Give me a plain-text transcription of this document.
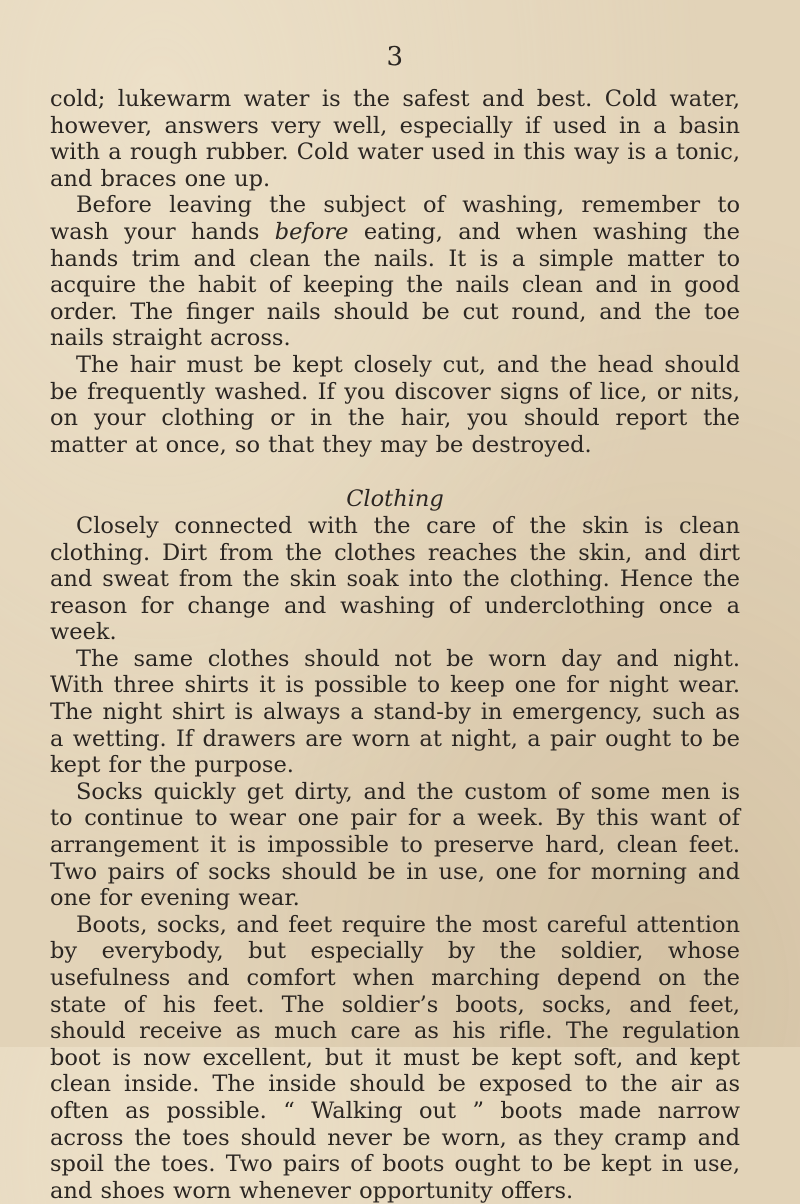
3

cold; lukewarm water is the safest and best. Cold water, however, answers very well, especially if used in a basin with a rough rubber. Cold water used in this way is a tonic, and braces one up.

Before leaving the subject of washing, remember to wash your hands before eating, and when washing the hands trim and clean the nails. It is a simple matter to acquire the habit of keeping the nails clean and in good order. The finger nails should be cut round, and the toe nails straight across.

The hair must be kept closely cut, and the head should be frequently washed. If you discover signs of lice, or nits, on your clothing or in the hair, you should report the matter at once, so that they may be destroyed.

Clothing

Closely connected with the care of the skin is clean clothing. Dirt from the clothes reaches the skin, and dirt and sweat from the skin soak into the clothing. Hence the reason for change and washing of underclothing once a week.

The same clothes should not be worn day and night. With three shirts it is possible to keep one for night wear. The night shirt is always a stand-by in emergency, such as a wetting. If drawers are worn at night, a pair ought to be kept for the purpose.

Socks quickly get dirty, and the custom of some men is to continue to wear one pair for a week. By this want of arrangement it is impossible to preserve hard, clean feet. Two pairs of socks should be in use, one for morning and one for evening wear.

Boots, socks, and feet require the most careful attention by everybody, but especially by the soldier, whose usefulness and comfort when marching depend on the state of his feet. The soldier’s boots, socks, and feet, should receive as much care as his rifle. The regulation boot is now excellent, but it must be kept soft, and kept clean inside. The inside should be exposed to the air as often as possible. “ Walking out ” boots made narrow across the toes should never be worn, as they cramp and spoil the toes. Two pairs of boots ought to be kept in use, and shoes worn whenever opportunity offers.
